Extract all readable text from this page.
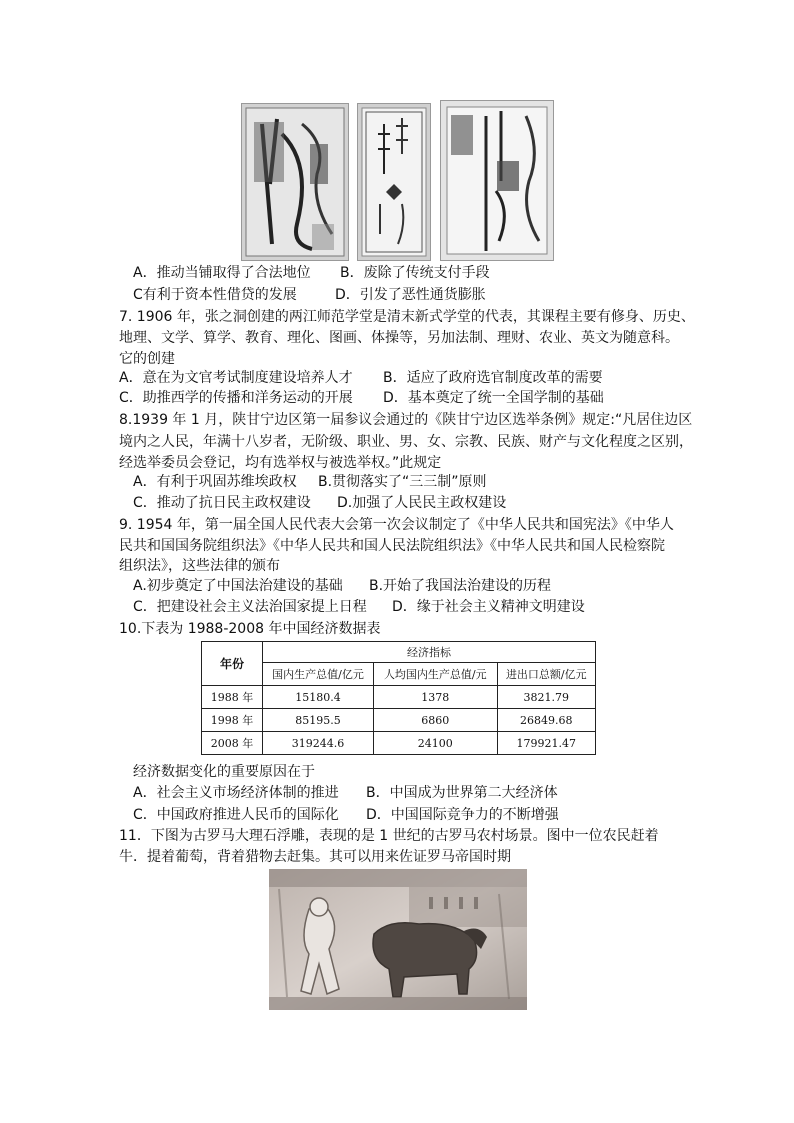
A．推动当铺取得了合法地位 B．废除了传统支付手段
C有利于资本性借贷的发展	D．引发了恶性通货膨胀
7. 1906 年，张之洞创建的两江师范学堂是清末新式学堂的代表，其课程主要有修身、历史、
地理、文学、算学、教育、理化、图画、体操等，另加法制、理财、农业、英文为随意科。
它的创建
A．意在为文官考试制度建设培养人才 B．适应了政府选官制度改革的需要
C．助推西学的传播和洋务运动的开展 D．基本奠定了统一全国学制的基础
8.1939 年 1 月，陕甘宁边区第一届参议会通过的《陕甘宁边区选举条例》规定:“凡居住边区
境内之人民，年满十八岁者，无阶级、职业、男、女、宗教、民族、财产与文化程度之区别，
经选举委员会登记，均有选举权与被选举权。”此规定
A．有利于巩固苏维埃政权 B.贯彻落实了“三三制”原则
C．推动了抗日民主政权建设 D.加强了人民民主政权建设
9. 1954 年，第一届全国人民代表大会第一次会议制定了《中华人民共和国宪法》《中华人
民共和国国务院组织法》《中华人民共和国人民法院组织法》《中华人民共和国人民检察院
组织法》，这些法律的颁布
A.初步奠定了中国法治建设的基础 B.开始了我国法治建设的历程
C．把建设社会主义法治国家提上日程 D．缘于社会主义精神文明建设
10.下表为 1988-2008 年中国经济数据表
年份	经济指标		
	国内生产总值/亿元	人均国内生产总值/元	进出口总额/亿元
1988 年	15180.4	1378	3821.79
1998 年	85195.5	6860	26849.68
2008 年	319244.6	24100	179921.47
经济数据变化的重要原因在于
A．社会主义市场经济体制的推进 B．中国成为世界第二大经济体
C．中国政府推进人民币的国际化 D．中国国际竞争力的不断增强
11．下图为古罗马大理石浮雕，表现的是 1 世纪的古罗马农村场景。图中一位农民赶着
牛．提着葡萄，背着猎物去赶集。其可以用来佐证罗马帝国时期
